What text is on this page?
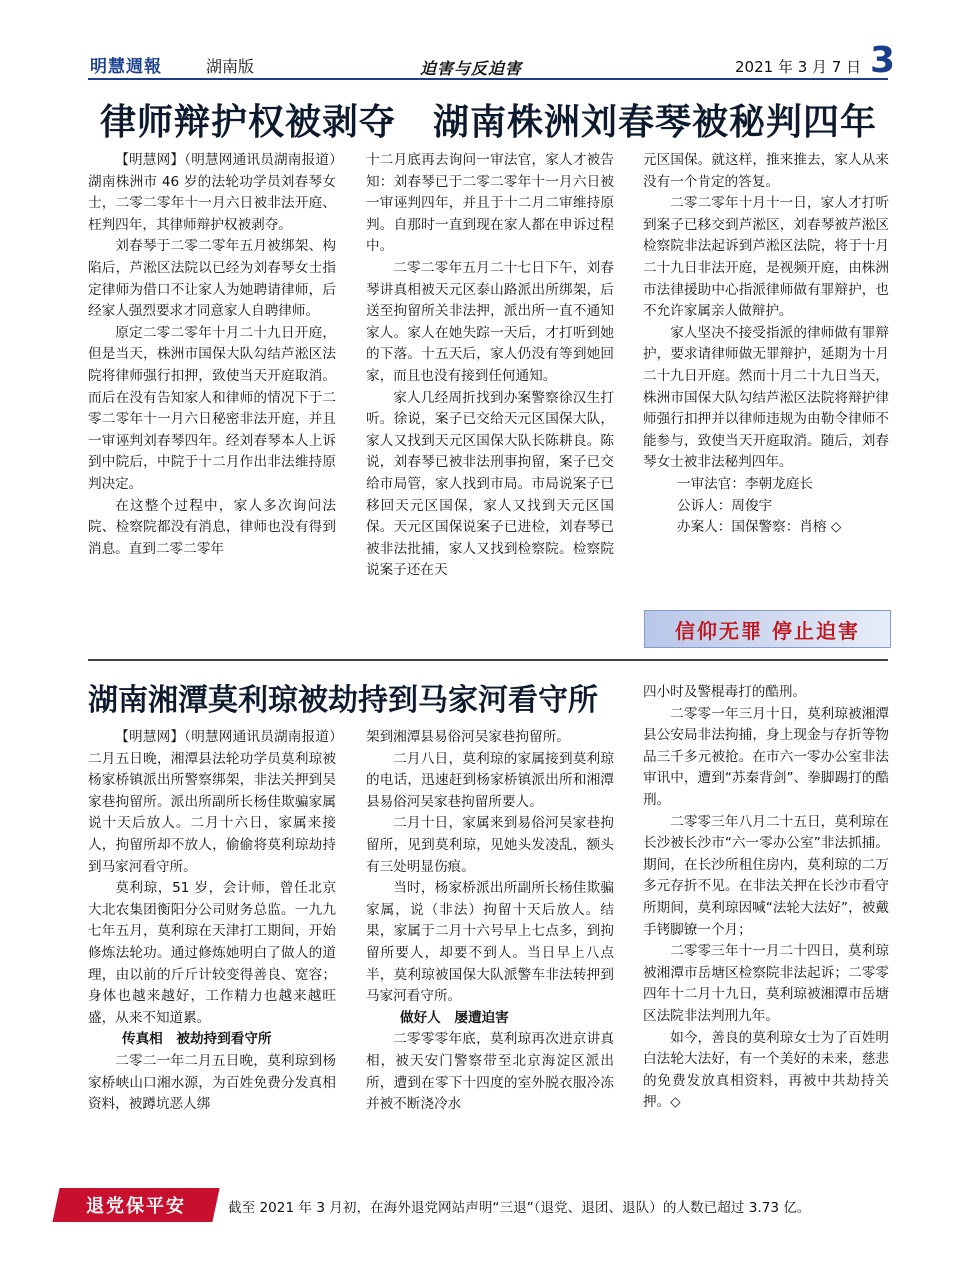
明慧週報	湖南版	迫害与反迫害	2021 年 3 月 7 日 3
律师辩护权被剥夺　湖南株洲刘春琴被秘判四年

【明慧网】（明慧网通讯员湖南报道）湖南株洲市 46 岁的法轮功学员刘春琴女士，二零二零年十一月六日被非法开庭、枉判四年，其律师辩护权被剥夺。

刘春琴于二零二零年五月被绑架、构陷后，芦淞区法院以已经为刘春琴女士指定律师为借口不让家人为她聘请律师，后经家人强烈要求才同意家人自聘律师。

原定二零二零年十月二十九日开庭，但是当天，株洲市国保大队勾结芦淞区法院将律师强行扣押，致使当天开庭取消。而后在没有告知家人和律师的情况下于二零二零年十一月六日秘密非法开庭，并且一审诬判刘春琴四年。经刘春琴本人上诉到中院后，中院于十二月作出非法维持原判决定。

在这整个过程中，家人多次询问法院、检察院都没有消息，律师也没有得到消息。直到二零二零年

十二月底再去询问一审法官，家人才被告知：刘春琴已于二零二零年十一月六日被一审诬判四年，并且于十二月二审维持原判。自那时一直到现在家人都在申诉过程中。

二零二零年五月二十七日下午，刘春琴讲真相被天元区泰山路派出所绑架，后送至拘留所关非法押，派出所一直不通知家人。家人在她失踪一天后，才打听到她的下落。十五天后，家人仍没有等到她回家，而且也没有接到任何通知。

家人几经周折找到办案警察徐汉生打听。徐说，案子已交给天元区国保大队，家人又找到天元区国保大队长陈耕良。陈说，刘春琴已被非法刑事拘留，案子已交给市局管，家人找到市局。市局说案子已移回天元区国保，家人又找到天元区国保。天元区国保说案子已进检，刘春琴已被非法批捕，家人又找到检察院。检察院说案子还在天

元区国保。就这样，推来推去，家人从来没有一个肯定的答复。

二零二零年十月十一日，家人才打听到案子已移交到芦淞区，刘春琴被芦淞区检察院非法起诉到芦淞区法院，将于十月二十九日非法开庭，是视频开庭，由株洲市法律援助中心指派律师做有罪辩护，也不允许家属亲人做辩护。

家人坚决不接受指派的律师做有罪辩护，要求请律师做无罪辩护，延期为十月二十九日开庭。然而十月二十九日当天，株洲市国保大队勾结芦淞区法院将辩护律师强行扣押并以律师违规为由勒令律师不能参与，致使当天开庭取消。随后，刘春琴女士被非法秘判四年。

一审法官：李朝龙庭长

公诉人：周俊宇

办案人：国保警察：肖榕 ◇

信仰无罪 停止迫害
湖南湘潭莫利琼被劫持到马家河看守所

【明慧网】（明慧网通讯员湖南报道）二月五日晚，湘潭县法轮功学员莫利琼被杨家桥镇派出所警察绑架，非法关押到吴家巷拘留所。派出所副所长杨佳欺骗家属说十天后放人。二月十六日，家属来接人，拘留所却不放人，偷偷将莫利琼劫持到马家河看守所。

莫利琼，51 岁，会计师，曾任北京大北农集团衡阳分公司财务总监。一九九七年五月，莫利琼在天津打工期间，开始修炼法轮功。通过修炼她明白了做人的道理，由以前的斤斤计较变得善良、宽容；身体也越来越好，工作精力也越来越旺盛，从来不知道累。

传真相　被劫持到看守所

二零二一年二月五日晚，莫利琼到杨家桥峡山口湘水源，为百姓免费分发真相资料，被蹲坑恶人绑

架到湘潭县易俗河吴家巷拘留所。

二月八日，莫利琼的家属接到莫利琼的电话，迅速赶到杨家桥镇派出所和湘潭县易俗河吴家巷拘留所要人。

二月十日，家属来到易俗河吴家巷拘留所，见到莫利琼，见她头发凌乱，额头有三处明显伤痕。

当时，杨家桥派出所副所长杨佳欺骗家属，说（非法）拘留十天后放人。结果，家属于二月十六号早上七点多，到拘留所要人，却要不到人。当日早上八点半，莫利琼被国保大队派警车非法转押到马家河看守所。

做好人　屡遭迫害

二零零零年底，莫利琼再次进京讲真相，被天安门警察带至北京海淀区派出所，遭到在零下十四度的室外脱衣服冷冻并被不断浇冷水

四小时及警棍毒打的酷刑。

二零零一年三月十日，莫利琼被湘潭县公安局非法拘捕，身上现金与存折等物品三千多元被抢。在市六一零办公室非法审讯中，遭到“苏秦背剑”、拳脚踢打的酷刑。

二零零三年八月二十五日，莫利琼在长沙被长沙市“六一零办公室”非法抓捕。期间，在长沙所租住房内，莫利琼的二万多元存折不见。在非法关押在长沙市看守所期间，莫利琼因喊“法轮大法好”，被戴手铐脚镣一个月；

二零零三年十一月二十四日，莫利琼被湘潭市岳塘区检察院非法起诉；二零零四年十二月十九日，莫利琼被湘潭市岳塘区法院非法判刑九年。

如今，善良的莫利琼女士为了百姓明白法轮大法好，有一个美好的未来，慈悲的免费发放真相资料，再被中共劫持关押。◇

退党保平安	截至 2021 年 3 月初，在海外退党网站声明“三退”（退党、退团、退队）的人数已超过 3.73 亿。
